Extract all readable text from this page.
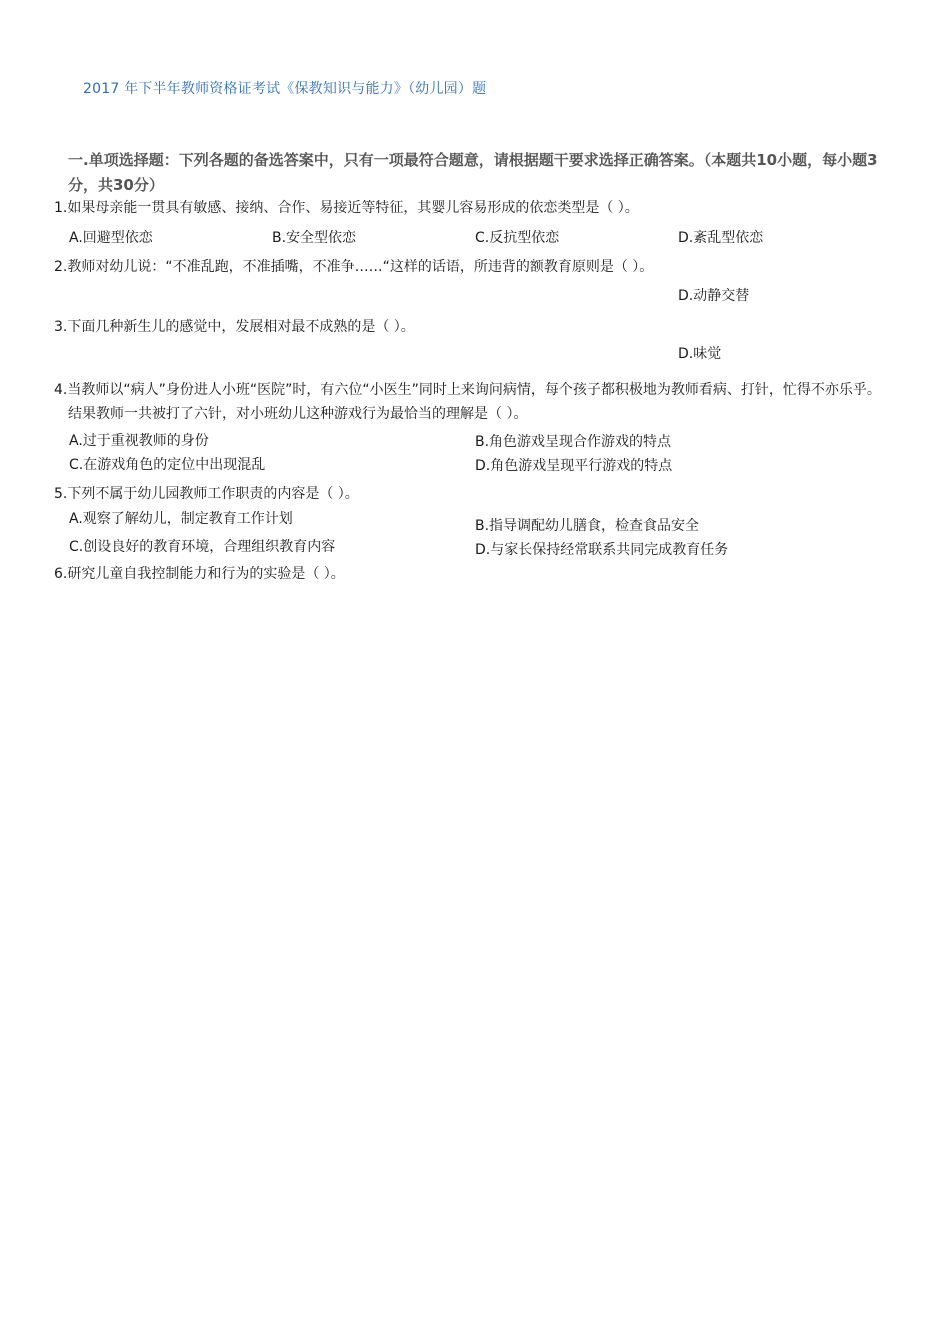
2017 年下半年教师资格证考试《保教知识与能力》（幼儿园）题
一.单项选择题：下列各题的备选答案中，只有一项最符合题意，请根据题干要求选择正确答案。（本题共10小题，每小题3分，共30分）
1.如果母亲能一贯具有敏感、接纳、合作、易接近等特征，其婴儿容易形成的依恋类型是（ ）。
A.回避型依恋	B.安全型依恋	C.反抗型依恋	D.紊乱型依恋
2.教师对幼儿说：“不准乱跑，不准插嘴，不准争……“这样的话语，所违背的额教育原则是（ ）。
D.动静交替
3.下面几种新生儿的感觉中，发展相对最不成熟的是（ ）。
D.味觉
4.当教师以“病人”身份进人小班“医院”时，有六位“小医生”同时上来询问病情，每个孩子都积极地为教师看病、打针，忙得不亦乐乎。结果教师一共被打了六针，对小班幼儿这种游戏行为最恰当的理解是（ ）。
A.过于重视教师的身份	B.角色游戏呈现合作游戏的特点
C.在游戏角色的定位中出现混乱	D.角色游戏呈现平行游戏的特点
5.下列不属于幼儿园教师工作职责的内容是（ ）。
A.观察了解幼儿，制定教育工作计划	B.指导调配幼儿膳食，检查食品安全
C.创设良好的教育环境，合理组织教育内容	D.与家长保持经常联系共同完成教育任务
6.研究儿童自我控制能力和行为的实验是（ ）。
